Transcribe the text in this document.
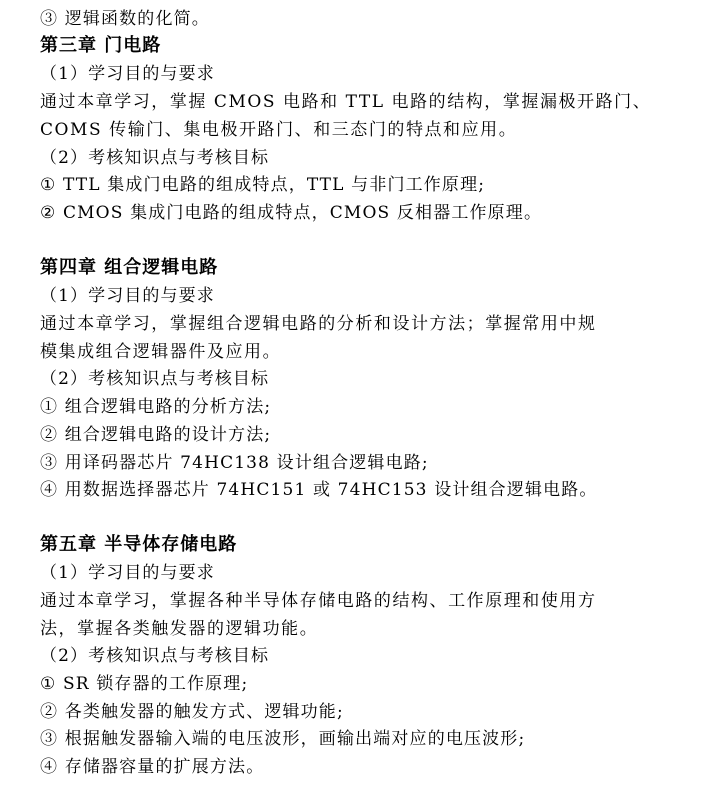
③ 逻辑函数的化简。
第三章 门电路
（1）学习目的与要求
通过本章学习，掌握 CMOS 电路和 TTL 电路的结构，掌握漏极开路门、
COMS 传输门、集电极开路门、和三态门的特点和应用。
（2）考核知识点与考核目标
① TTL 集成门电路的组成特点，TTL 与非门工作原理;
② CMOS 集成门电路的组成特点，CMOS 反相器工作原理。
第四章 组合逻辑电路
（1）学习目的与要求
通过本章学习，掌握组合逻辑电路的分析和设计方法；掌握常用中规
模集成组合逻辑器件及应用。
（2）考核知识点与考核目标
① 组合逻辑电路的分析方法;
② 组合逻辑电路的设计方法;
③ 用译码器芯片 74HC138 设计组合逻辑电路;
④ 用数据选择器芯片 74HC151 或 74HC153 设计组合逻辑电路。
第五章 半导体存储电路
（1）学习目的与要求
通过本章学习，掌握各种半导体存储电路的结构、工作原理和使用方
法，掌握各类触发器的逻辑功能。
（2）考核知识点与考核目标
① SR 锁存器的工作原理;
② 各类触发器的触发方式、逻辑功能;
③ 根据触发器输入端的电压波形，画输出端对应的电压波形;
④ 存储器容量的扩展方法。
